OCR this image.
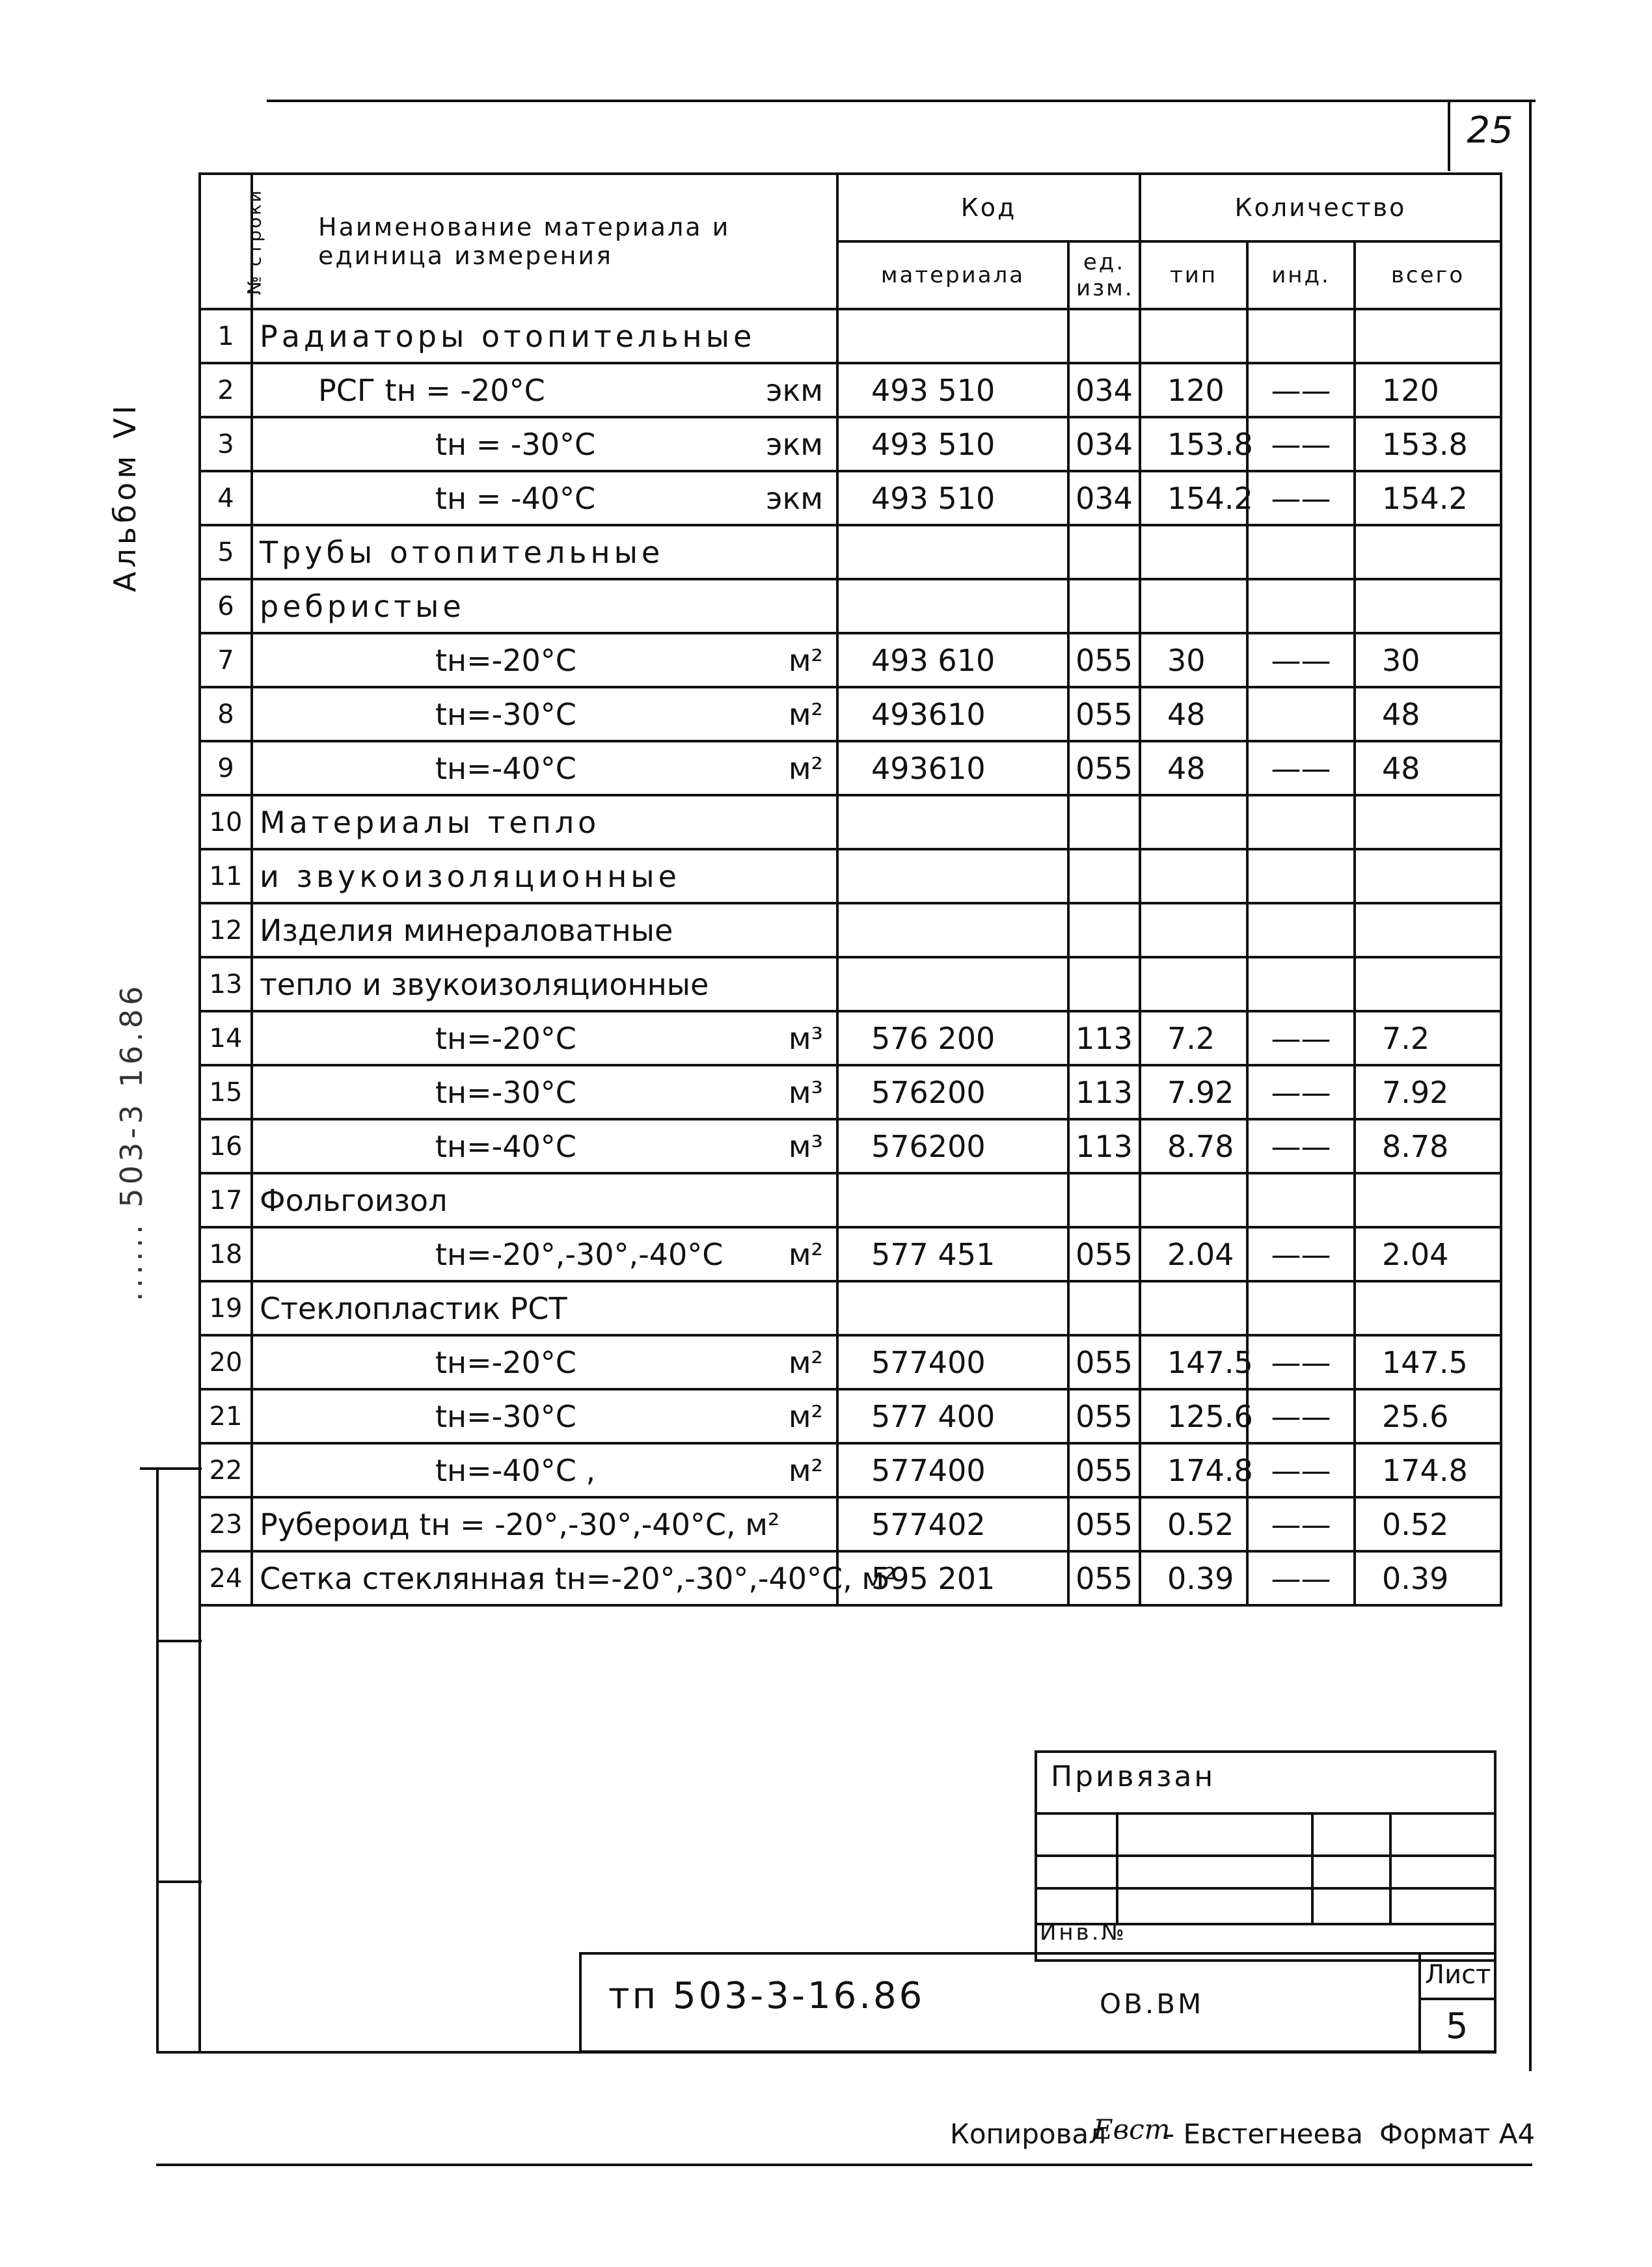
25
Альбом VI
...... 503-3 16.86
№ строки	Наименование материала и единица измерения	Код		Количество		
		материала	ед. изм.	тип	инд.	всего
1	Радиаторы отопительные					
2	РСГ tн = -20°С экм	493 510	034	120	——	120
3	tн = -30°С экм	493 510	034	153.8	——	153.8
4	tн = -40°С экм	493 510	034	154.2	——	154.2
5	Трубы отопительные					
6	ребристые					
7	tн=-20°С м²	493 610	055	30	——	30
8	tн=-30°С м²	493610	055	48		48
9	tн=-40°С м²	493610	055	48	——	48
10	Материалы тепло					
11	и звукоизоляционные					
12	Изделия минераловатные					
13	тепло и звукоизоляционные					
14	tн=-20°С м³	576 200	113	7.2	——	7.2
15	tн=-30°С м³	576200	113	7.92	——	7.92
16	tн=-40°С м³	576200	113	8.78	——	8.78
17	Фольгоизол					
18	tн=-20°,-30°,-40°С м²	577 451	055	2.04	——	2.04
19	Стеклопластик РСТ					
20	tн=-20°С м²	577400	055	147.5	——	147.5
21	tн=-30°С м²	577 400	055	125.6	——	25.6
22	tн=-40°С , м²	577400	055	174.8	——	174.8
23	Рубероид tн = -20°,-30°,-40°С, м²	577402	055	0.52	——	0.52
24	Сетка стеклянная tн=-20°,-30°,-40°С, м²	595 201	055	0.39	——	0.39
Привязан
Инв.№
тп 503-3-16.86	ОВ.ВМ
Лист
5
Копировал
Евст
- Евстегнеева Формат А4
